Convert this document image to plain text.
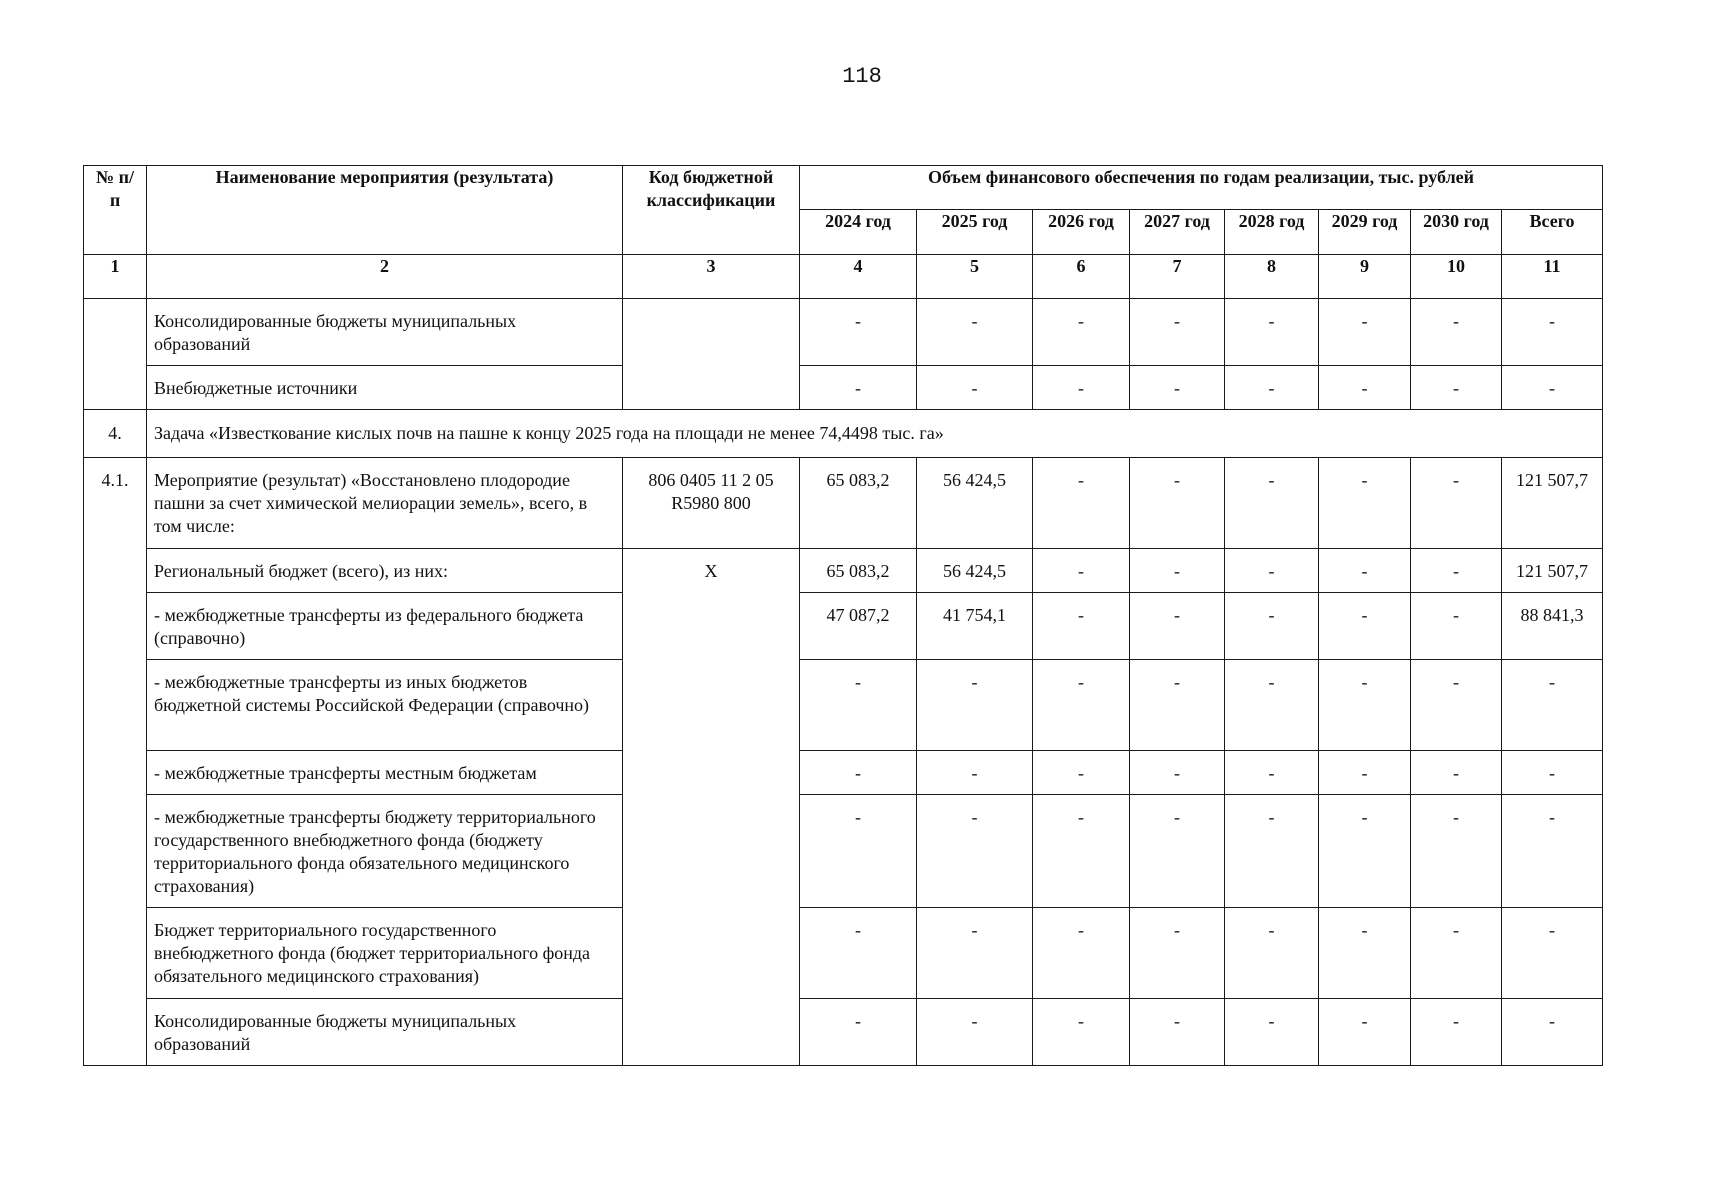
118
№ п/п	Наименование мероприятия (результата)	Код бюджетной классификации	Объем финансового обеспечения по годам реализации, тыс. рублей							
			2024 год	2025 год	2026 год	2027 год	2028 год	2029 год	2030 год	Всего
1	2	3	4	5	6	7	8	9	10	11
	Консолидированные бюджеты муниципальных образований		-	-	-	-	-	-	-	-
	Внебюджетные источники		-	-	-	-	-	-	-	-
4.	Задача «Известкование кислых почв на пашне к концу 2025 года на площади не менее 74,4498 тыс. га»									
4.1.	Мероприятие (результат) «Восстановлено плодородие пашни за счет химической мелиорации земель», всего, в том числе:	806 0405 11 2 05 R5980 800	65 083,2	56 424,5	-	-	-	-	-	121 507,7
	Региональный бюджет (всего), из них:	Х	65 083,2	56 424,5	-	-	-	-	-	121 507,7
	- межбюджетные трансферты из федерального бюджета (справочно)		47 087,2	41 754,1	-	-	-	-	-	88 841,3
	- межбюджетные трансферты из иных бюджетов бюджетной системы Российской Федерации (справочно)		-	-	-	-	-	-	-	-
	- межбюджетные трансферты местным бюджетам		-	-	-	-	-	-	-	-
	- межбюджетные трансферты бюджету территориального государственного внебюджетного фонда (бюджету территориального фонда обязательного медицинского страхования)		-	-	-	-	-	-	-	-
	Бюджет территориального государственного внебюджетного фонда (бюджет территориального фонда обязательного медицинского страхования)		-	-	-	-	-	-	-	-
	Консолидированные бюджеты муниципальных образований		-	-	-	-	-	-	-	-
